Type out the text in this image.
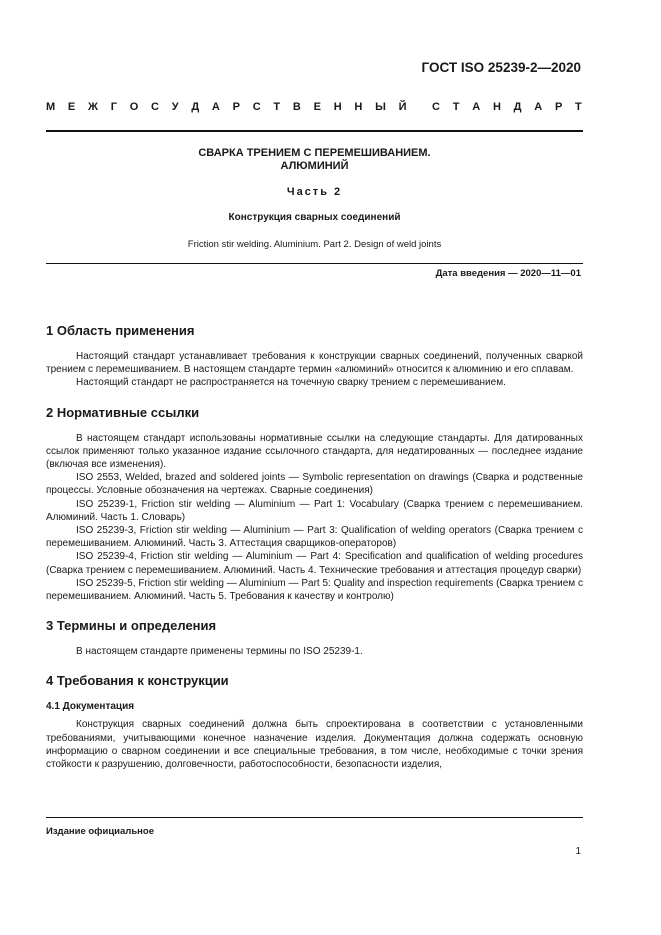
ГОСТ ISO 25239-2—2020
М Е Ж Г О С У Д А Р С Т В Е Н Н Ы Й С Т А Н Д А Р Т
СВАРКА ТРЕНИЕМ С ПЕРЕМЕШИВАНИЕМ.
АЛЮМИНИЙ
Часть 2
Конструкция сварных соединений
Friction stir welding. Aluminium. Part 2. Design of weld joints
Дата введения — 2020—11—01
1 Область применения

Настоящий стандарт устанавливает требования к конструкции сварных соединений, полученных сваркой трением с перемешиванием. В настоящем стандарте термин «алюминий» относится к алюминию и его сплавам.

Настоящий стандарт не распространяется на точечную сварку трением с перемешиванием.

2 Нормативные ссылки

В настоящем стандарт использованы нормативные ссылки на следующие стандарты. Для датированных ссылок применяют только указанное издание ссылочного стандарта, для недатированных — последнее издание (включая все изменения).

ISO 2553, Welded, brazed and soldered joints — Symbolic representation on drawings (Сварка и родственные процессы. Условные обозначения на чертежах. Сварные соединения)

ISO 25239-1, Friction stir welding — Aluminium — Part 1: Vocabulary (Сварка трением с перемешиванием. Алюминий. Часть 1. Словарь)

ISO 25239-3, Friction stir welding — Aluminium — Part 3: Qualification of welding operators (Сварка трением с перемешиванием. Алюминий. Часть 3. Аттестация сварщиков-операторов)

ISO 25239-4, Friction stir welding — Aluminium — Part 4: Specification and qualification of welding procedures (Сварка трением с перемешиванием. Алюминий. Часть 4. Технические требования и аттестация процедур сварки)

ISO 25239-5, Friction stir welding — Aluminium — Part 5: Quality and inspection requirements (Сварка трением с перемешиванием. Алюминий. Часть 5. Требования к качеству и контролю)

3 Термины и определения

В настоящем стандарте применены термины по ISO 25239-1.

4 Требования к конструкции
4.1 Документация

Конструкция сварных соединений должна быть спроектирована в соответствии с установленными требованиями, учитывающими конечное назначение изделия. Документация должна содержать основную информацию о сварном соединении и все специальные требования, в том числе, необходимые с точки зрения стойкости к разрушению, долговечности, работоспособности, безопасности изделия,

Издание официальное
1
